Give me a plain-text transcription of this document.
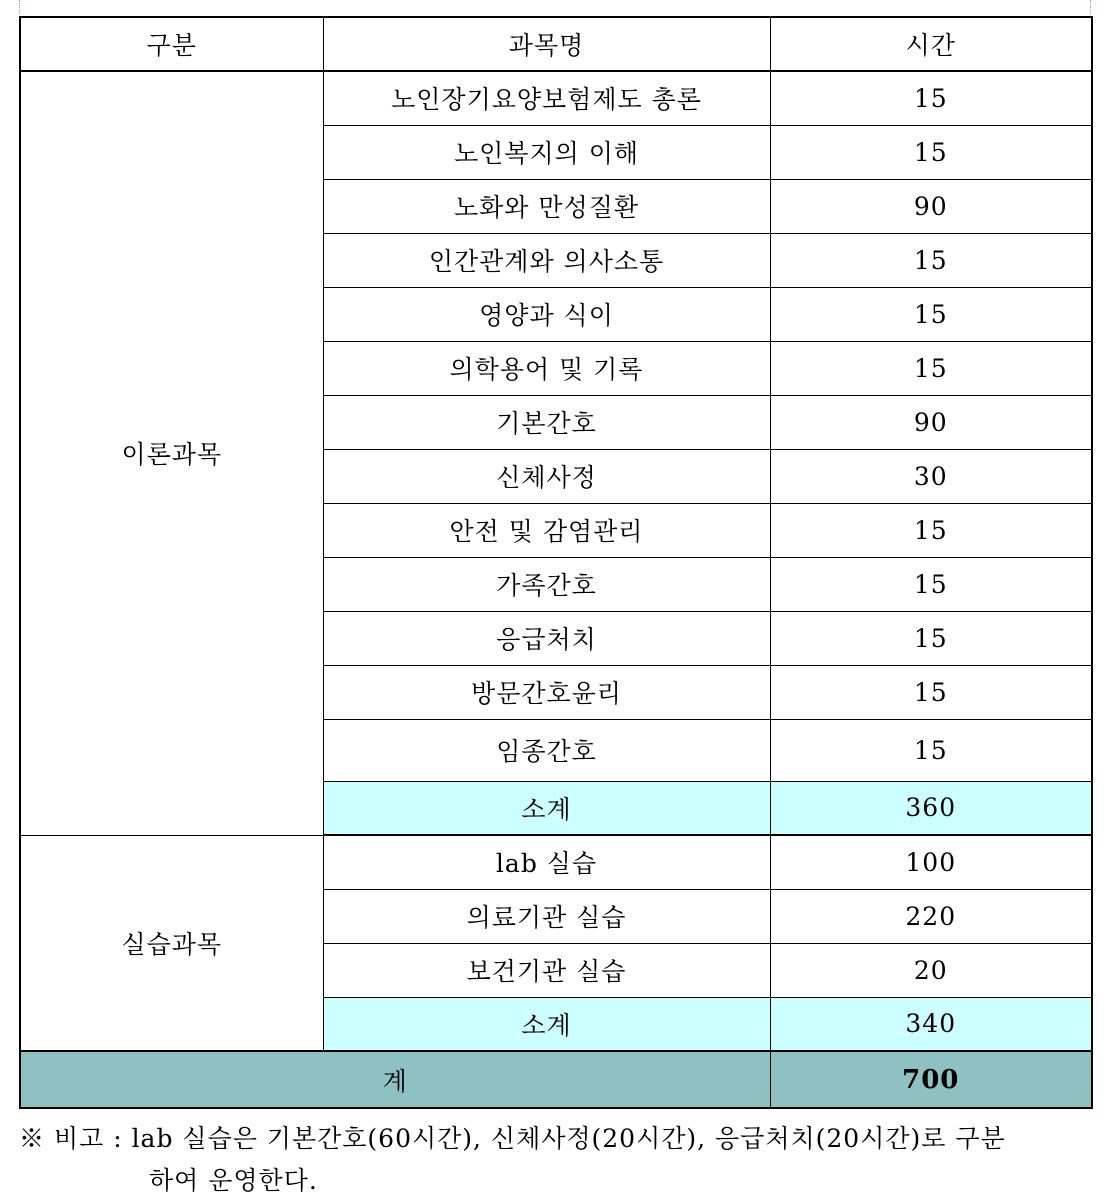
구분	과목명	시간
이론과목	노인장기요양보험제도 총론	15
	노인복지의 이해	15
	노화와 만성질환	90
	인간관계와 의사소통	15
	영양과 식이	15
	의학용어 및 기록	15
	기본간호	90
	신체사정	30
	안전 및 감염관리	15
	가족간호	15
	응급처치	15
	방문간호윤리	15
	임종간호	15
	소계	360
실습과목	lab 실습	100
	의료기관 실습	220
	보건기관 실습	20
	소계	340
계		700
※ 비고 : lab 실습은 기본간호(60시간), 신체사정(20시간), 응급처치(20시간)로 구분
하여 운영한다.
